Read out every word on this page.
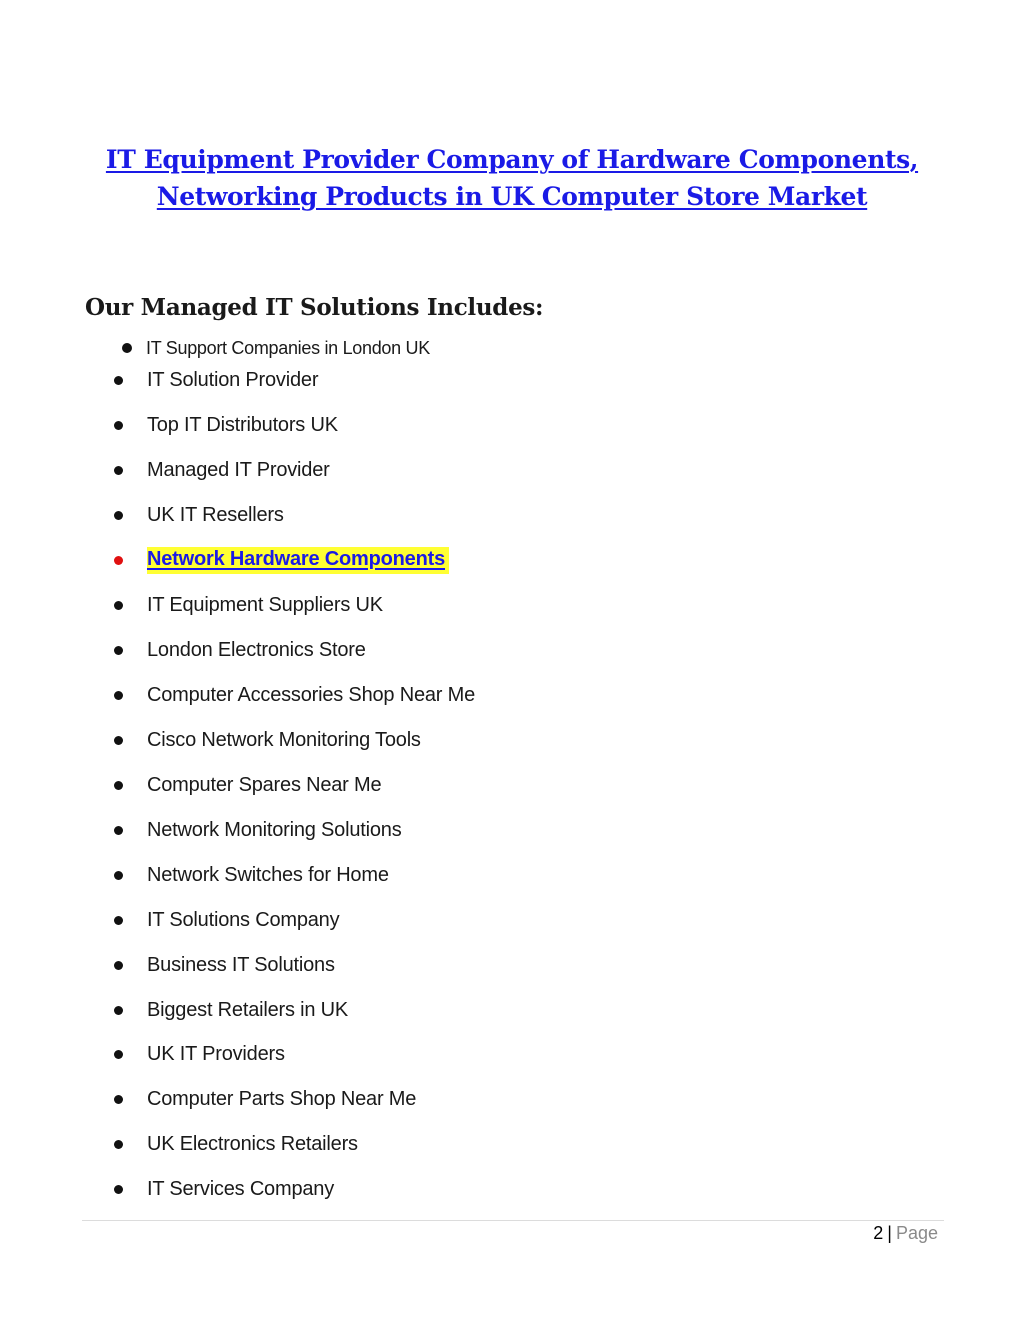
IT Equipment Provider Company of Hardware Components,
Networking Products in UK Computer Store Market
Our Managed IT Solutions Includes:
IT Support Companies in London UK
IT Solution Provider
Top IT Distributors UK
Managed IT Provider
UK IT Resellers
Network Hardware Components
IT Equipment Suppliers UK
London Electronics Store
Computer Accessories Shop Near Me
Cisco Network Monitoring Tools
Computer Spares Near Me
Network Monitoring Solutions
Network Switches for Home
IT Solutions Company
Business IT Solutions
Biggest Retailers in UK
UK IT Providers
Computer Parts Shop Near Me
UK Electronics Retailers
IT Services Company
2 | Page
